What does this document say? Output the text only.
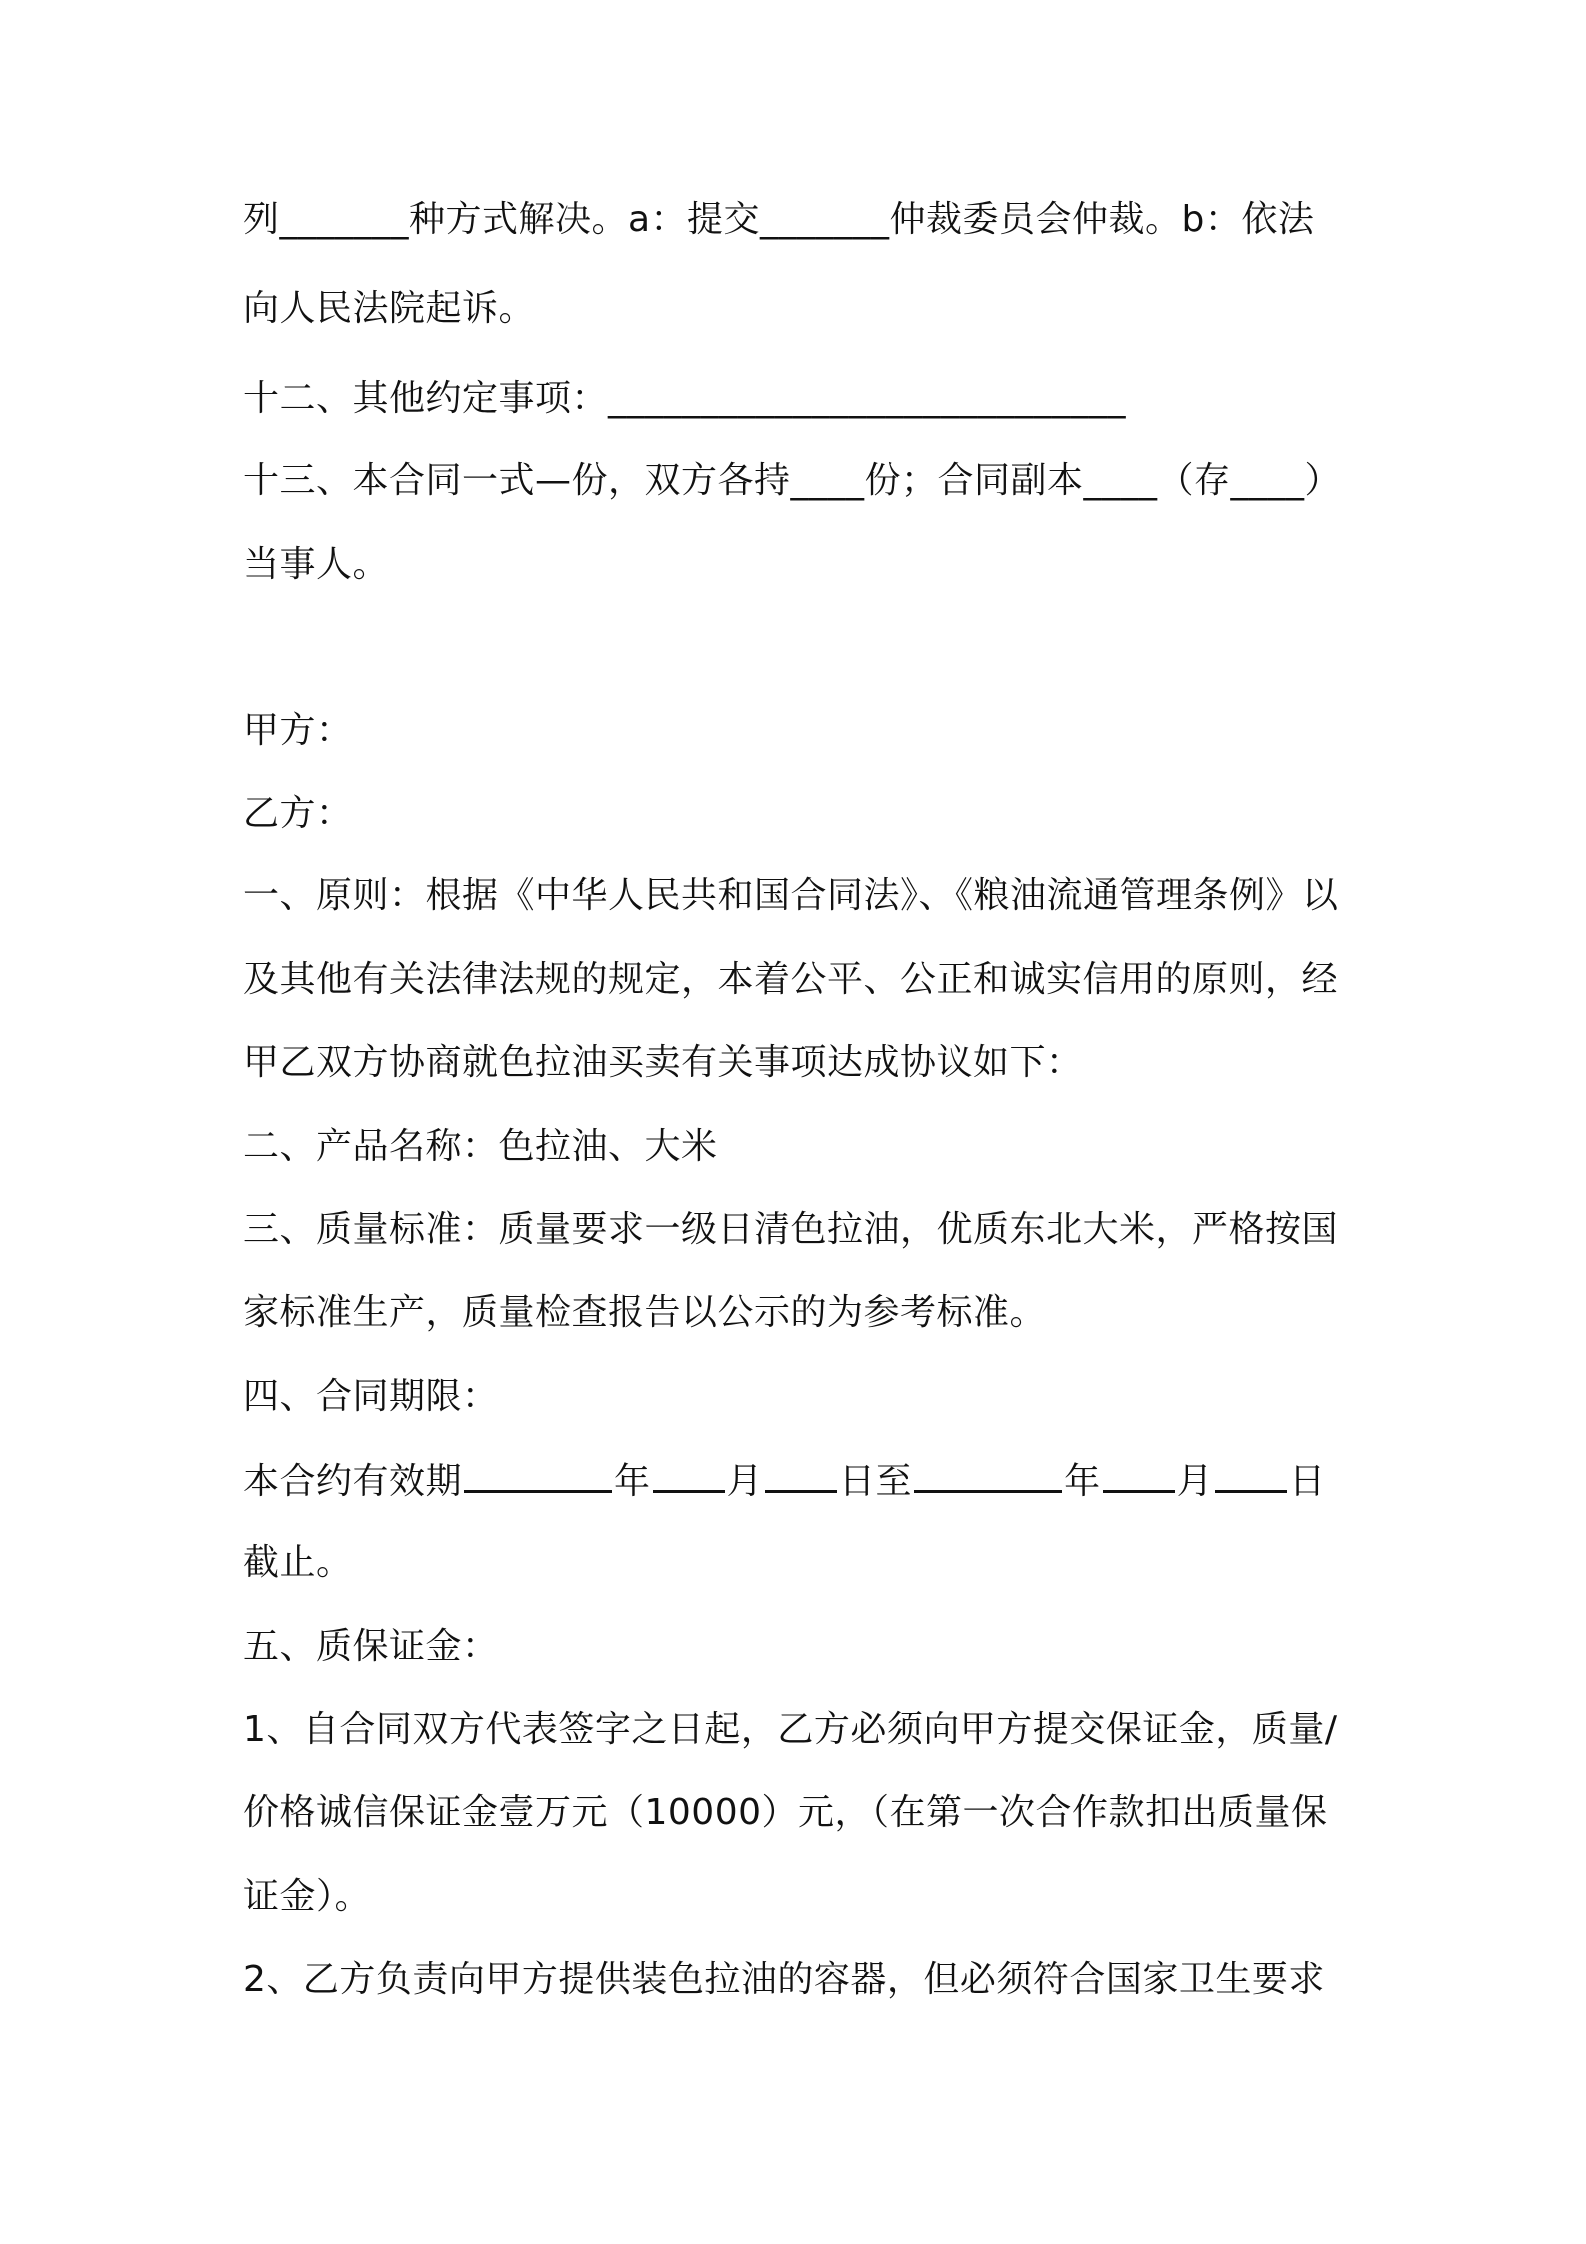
列_______种方式解决。a：提交_______仲裁委员会仲裁。b：依法
向人民法院起诉。
十二、其他约定事项：____________________________
十三、本合同一式—份，双方各持____份；合同副本____（存____）
当事人。
甲方：
乙方：
一、原则：根据《中华人民共和国合同法》、《粮油流通管理条例》以
及其他有关法律法规的规定，本着公平、公正和诚实信用的原则，经
甲乙双方协商就色拉油买卖有关事项达成协议如下：
二、产品名称：色拉油、大米
三、质量标准：质量要求一级日清色拉油，优质东北大米，严格按国
家标准生产，质量检查报告以公示的为参考标准。
四、合同期限：
本合约有效期	年 月 日至	年 月 日
截止。
五、质保证金：
1、自合同双方代表签字之日起，乙方必须向甲方提交保证金，质量/
价格诚信保证金壹万元（10000）元，（在第一次合作款扣出质量保
证金）。
2、乙方负责向甲方提供装色拉油的容器，但必须符合国家卫生要求
